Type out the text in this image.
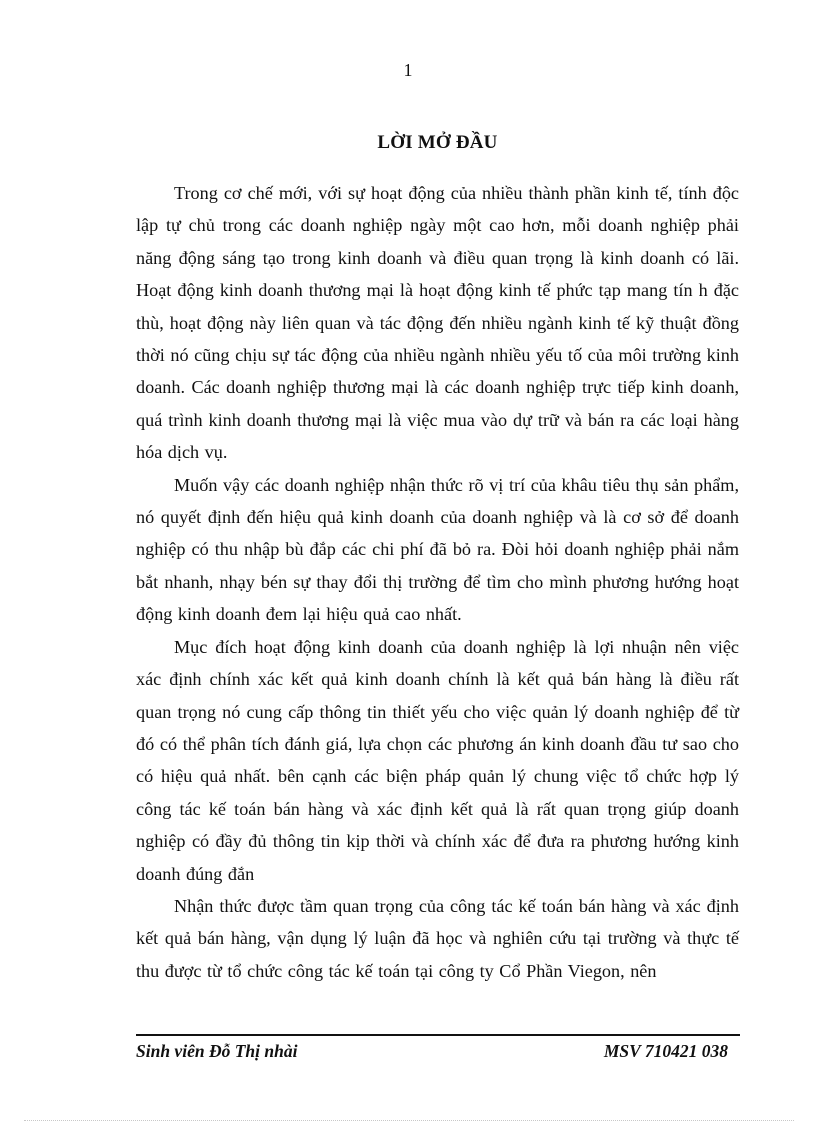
1
LỜI MỞ ĐẦU

Trong cơ chế mới, với sự hoạt động của nhiều thành phần kinh tế, tính độc lập tự chủ trong các doanh nghiệp ngày một cao hơn, mỗi doanh nghiệp phải năng động sáng tạo trong kinh doanh và điều quan trọng là kinh doanh có lãi. Hoạt động kinh doanh thương mại là hoạt động kinh tế phức tạp mang tín h đặc thù, hoạt động này liên quan và tác động đến nhiều ngành kinh tế kỹ thuật đồng thời nó cũng chịu sự tác động của nhiều ngành nhiều yếu tố của môi trường kinh doanh. Các doanh nghiệp thương mại là các doanh nghiệp trực tiếp kinh doanh, quá trình kinh doanh thương mại là việc mua vào dự trữ và bán ra các loại hàng hóa dịch vụ.

Muốn vậy các doanh nghiệp nhận thức rõ vị trí của khâu tiêu thụ sản phẩm, nó quyết định đến hiệu quả kinh doanh của doanh nghiệp và là cơ sở để doanh nghiệp có thu nhập bù đắp các chi phí đã bỏ ra. Đòi hỏi doanh nghiệp phải nắm bắt nhanh, nhạy bén sự thay đổi thị trường để tìm cho mình phương hướng hoạt động kinh doanh đem lại hiệu quả cao nhất.

Mục đích hoạt động kinh doanh của doanh nghiệp là lợi nhuận nên việc xác định chính xác kết quả kinh doanh chính là kết quả bán hàng là điều rất quan trọng nó cung cấp thông tin thiết yếu cho việc quản lý doanh nghiệp để từ đó có thể phân tích đánh giá, lựa chọn các phương án kinh doanh đầu tư sao cho có hiệu quả nhất. bên cạnh các biện pháp quản lý chung việc tổ chức hợp lý công tác kế toán bán hàng và xác định kết quả là rất quan trọng giúp doanh nghiệp có đầy đủ thông tin kịp thời và chính xác để đưa ra phương hướng kinh doanh đúng đắn

Nhận thức được tầm quan trọng của công tác kế toán bán hàng và xác định kết quả bán hàng, vận dụng lý luận đã học và nghiên cứu tại trường và thực tế thu được từ tổ chức công tác kế toán tại công ty Cổ Phần Viegon, nên

Sinh viên Đỗ Thị nhài	MSV 710421 038
